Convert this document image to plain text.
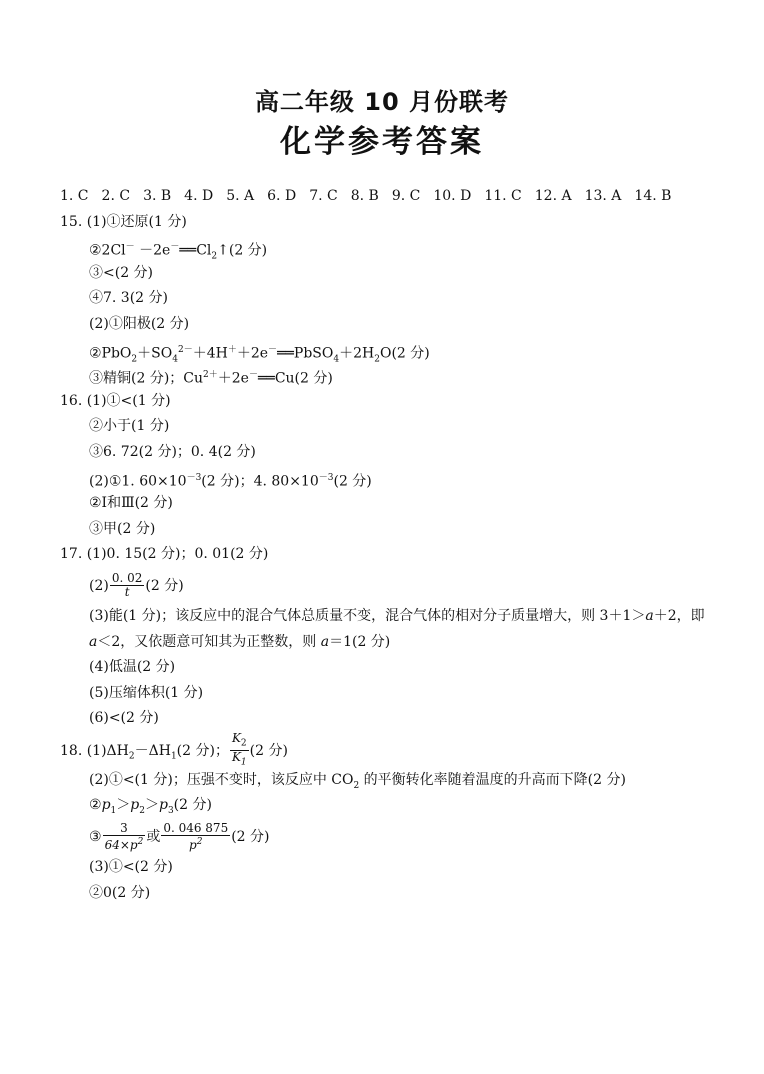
高二年级 10 月份联考
化学参考答案
1. C 2. C 3. B 4. D 5. A 6. D 7. C 8. B 9. C 10. D 11. C 12. A 13. A 14. B
15. (1)①还原(1 分)
②2Cl－ $-2e^-══Cl_2↑(2$ 分)
③<(2 分)
④7. 3(2 分)
(2)①阳极(2 分)
$②PbO_2+SO_4^{2-}+4H^++2e^-══PbSO_4+2H_2O(2$ 分)
③精铜(2 分)；$Cu^{2+}+2e^-══Cu(2$ 分)
16. (1)①<(1 分)
②小于(1 分)
③6. 72(2 分)；0. 4(2 分)
(2)①1. $60\times 10^{-3}(2$ 分)；4. $80\times 10^{-3}(2$ 分)
②Ⅰ和Ⅲ(2 分)
③甲(2 分)
17. (1)0. 15(2 分)；0. 01(2 分)
$(2) \frac{0. 02}{t} (2$ 分)
(3)能(1 分)；该反应中的混合气体总质量不变，混合气体的相对分子质量增大，则 3＋1＞a＋2，即 a＜2，又依题意可知其为正整数，则 a＝1(2 分)
(4)低温(2 分)
(5)压缩体积(1 分)
(6)<(2 分)
18. $(1)\Delta H_2-\Delta H_1(2$ 分)； $\frac{K_2}{K_1} (2$ 分)
(2)①<(1 分)；压强不变时，该反应中 $CO_2$ 的平衡转化率随着温度的升高而下降(2 分)
$②p_1>p_2>p_3(2$ 分)
③ $\frac{3}{64\times p^2}$ 或 $\frac{0. 046 875}{p^2} (2$ 分)
(3)①<(2 分)
②0(2 分)
